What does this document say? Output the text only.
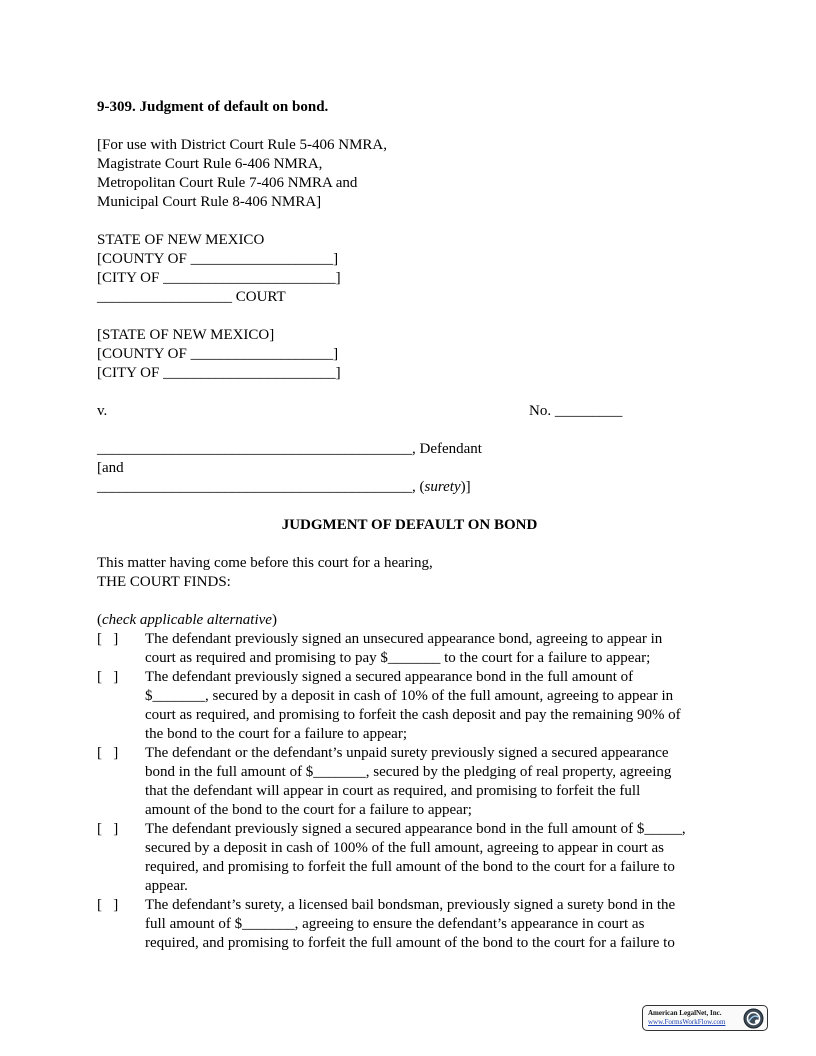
9-309. Judgment of default on bond.

[For use with District Court Rule 5-406 NMRA,
Magistrate Court Rule 6-406 NMRA,
Metropolitan Court Rule 7-406 NMRA and
Municipal Court Rule 8-406 NMRA]
STATE OF NEW MEXICO
[COUNTY OF ___________________]
[CITY OF _______________________]
__________________ COURT
[STATE OF NEW MEXICO]
[COUNTY OF ___________________]
[CITY OF _______________________]
v.	No. _________
__________________________________________, Defendant
[and
__________________________________________, (surety)]

JUDGMENT OF DEFAULT ON BOND

This matter having come before this court for a hearing,
THE COURT FINDS:
(check applicable alternative)
[   ] The defendant previously signed an unsecured appearance bond, agreeing to appear in
court as required and promising to pay $_______ to the court for a failure to appear;
[   ] The defendant previously signed a secured appearance bond in the full amount of
$_______, secured by a deposit in cash of 10% of the full amount, agreeing to appear in
court as required, and promising to forfeit the cash deposit and pay the remaining 90% of
the bond to the court for a failure to appear;
[   ] The defendant or the defendant’s unpaid surety previously signed a secured appearance
bond in the full amount of $_______, secured by the pledging of real property, agreeing
that the defendant will appear in court as required, and promising to forfeit the full
amount of the bond to the court for a failure to appear;
[   ] The defendant previously signed a secured appearance bond in the full amount of $_____,
secured by a deposit in cash of 100% of the full amount, agreeing to appear in court as
required, and promising to forfeit the full amount of the bond to the court for a failure to
appear.
[   ] The defendant’s surety, a licensed bail bondsman, previously signed a surety bond in the
full amount of $_______, agreeing to ensure the defendant’s appearance in court as
required, and promising to forfeit the full amount of the bond to the court for a failure to
American LegalNet, Inc.
www.FormsWorkFlow.com
